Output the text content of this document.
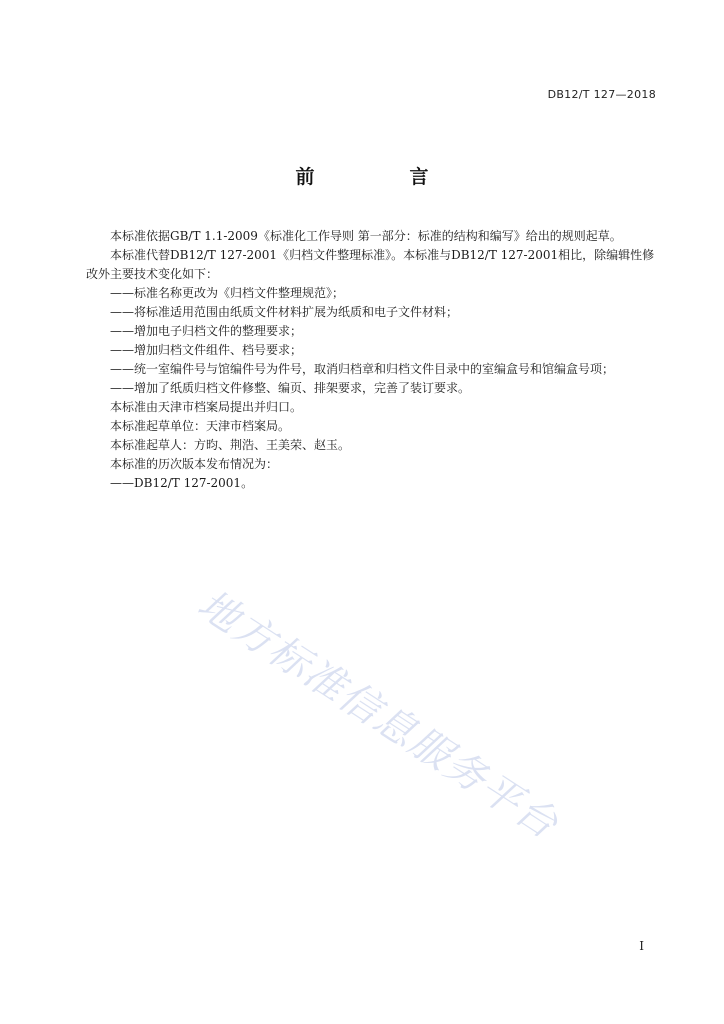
DB12/T 127—2018
前　言

本标准依据GB/T 1.1-2009《标准化工作导则 第一部分：标准的结构和编写》给出的规则起草。

本标准代替DB12/T 127-2001《归档文件整理标准》。本标准与DB12/T 127-2001相比，除编辑性修改外主要技术变化如下：

——标准名称更改为《归档文件整理规范》；

——将标准适用范围由纸质文件材料扩展为纸质和电子文件材料；

——增加电子归档文件的整理要求；

——增加归档文件组件、档号要求；

——统一室编件号与馆编件号为件号，取消归档章和归档文件目录中的室编盒号和馆编盒号项；

——增加了纸质归档文件修整、编页、排架要求，完善了装订要求。

本标准由天津市档案局提出并归口。

本标准起草单位：天津市档案局。

本标准起草人：方昀、荆浩、王美荣、赵玉。

本标准的历次版本发布情况为：

——DB12/T 127-2001。

地方标准信息服务平台
I
